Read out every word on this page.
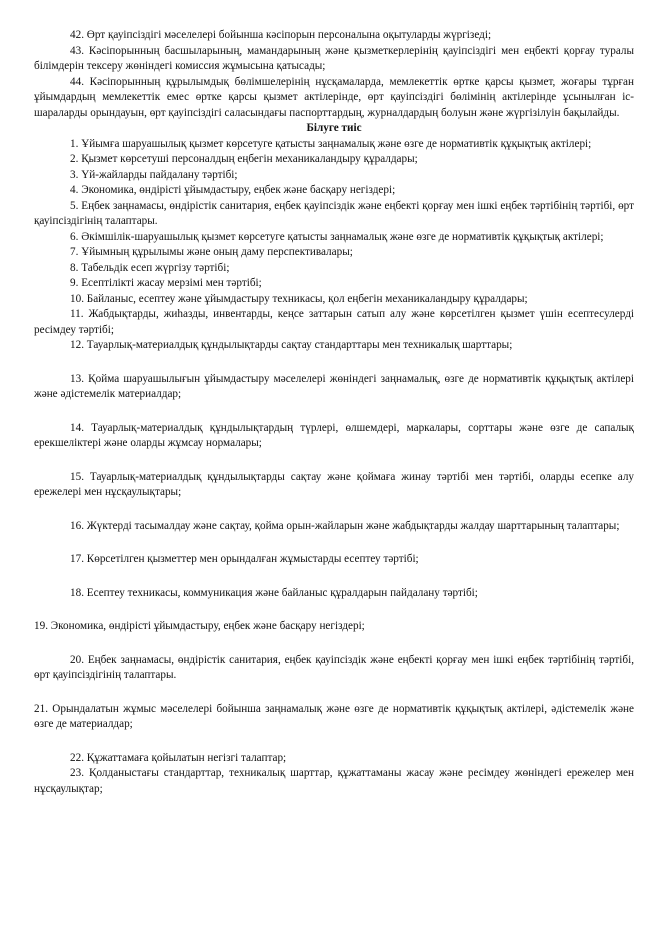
42. Өрт қауіпсіздігі мәселелері бойынша кәсіпорын персоналына оқытуларды жүргізеді;

43. Кәсіпорынның басшыларының, мамандарының және қызметкерлерінің қауіпсіздігі мен еңбекті қорғау туралы білімдерін тексеру жөніндегі комиссия жұмысына қатысады;

44. Кәсіпорынның құрылымдық бөлімшелерінің нұсқамаларда, мемлекеттік өртке қарсы қызмет, жоғары тұрған ұйымдардың мемлекеттік емес өртке қарсы қызмет актілерінде, өрт қауіпсіздігі бөлімінің актілерінде ұсынылған іс-шараларды орындауын, өрт қауіпсіздігі саласындағы паспорттардың, журналдардың болуын және жүргізілуін бақылайды.

Білуге тиіс

1. Ұйымға шаруашылық қызмет көрсетуге қатысты заңнамалық және өзге де нормативтік құқықтық актілері;

2. Қызмет көрсетуші персоналдың еңбегін механикаландыру құралдары;

3. Үй-жайларды пайдалану тәртібі;

4. Экономика, өндірісті ұйымдастыру, еңбек және басқару негіздері;

5. Еңбек заңнамасы, өндірістік санитария, еңбек қауіпсіздік және еңбекті қорғау мен ішкі еңбек тәртібінің тәртібі, өрт қауіпсіздігінің талаптары.

6. Әкімшілік-шаруашылық қызмет көрсетуге қатысты заңнамалық және өзге де нормативтік құқықтық актілері;

7. Ұйымның құрылымы және оның даму перспективалары;

8. Табельдік есеп жүргізу тәртібі;

9. Есептілікті жасау мерзімі мен тәртібі;

10. Байланыс, есептеу және ұйымдастыру техникасы, қол еңбегін механикаландыру құралдары;

11. Жабдықтарды, жиһазды, инвентарды, кеңсе заттарын сатып алу және көрсетілген қызмет үшін есептесулерді ресімдеу тәртібі;

12. Тауарлық-материалдық құндылықтарды сақтау стандарттары мен техникалық шарттары;

13. Қойма шаруашылығын ұйымдастыру мәселелері жөніндегі заңнамалық, өзге де нормативтік құқықтық актілері және әдістемелік материалдар;

14. Тауарлық-материалдық құндылықтардың түрлері, өлшемдері, маркалары, сорттары және өзге де сапалық ерекшеліктері және оларды жұмсау нормалары;

15. Тауарлық-материалдық құндылықтарды сақтау және қоймаға жинау тәртібі мен тәртібі, оларды есепке алу ережелері мен нұсқаулықтары;

16. Жүктерді тасымалдау және сақтау, қойма орын-жайларын және жабдықтарды жалдау шарттарының талаптары;

17. Көрсетілген қызметтер мен орындалған жұмыстарды есептеу тәртібі;

18. Есептеу техникасы, коммуникация және байланыс құралдарын пайдалану тәртібі;

19. Экономика, өндірісті ұйымдастыру, еңбек және басқару негіздері;

20. Еңбек заңнамасы, өндірістік санитария, еңбек қауіпсіздік және еңбекті қорғау мен ішкі еңбек тәртібінің тәртібі, өрт қауіпсіздігінің талаптары.

21. Орындалатын жұмыс мәселелері бойынша заңнамалық және өзге де нормативтік құқықтық актілері, әдістемелік және өзге де материалдар;

22. Құжаттамаға қойылатын негізгі талаптар;

23. Қолданыстағы стандарттар, техникалық шарттар, құжаттаманы жасау және ресімдеу жөніндегі ережелер мен нұсқаулықтар;
